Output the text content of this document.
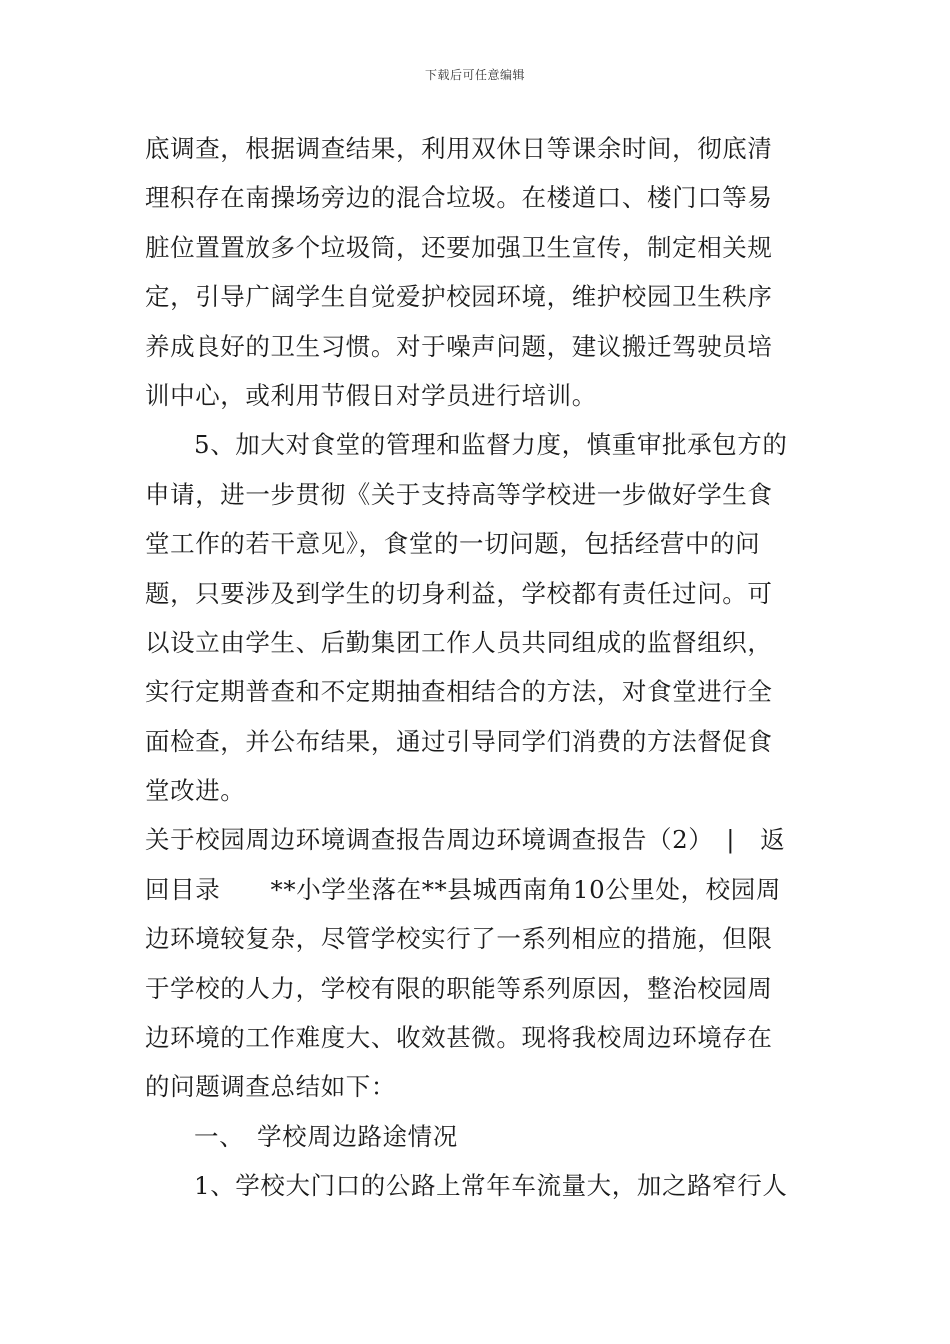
下载后可任意编辑
底调查，根据调查结果，利用双休日等课余时间，彻底清
理积存在南操场旁边的混合垃圾。在楼道口、楼门口等易
脏位置置放多个垃圾筒，还要加强卫生宣传，制定相关规
定，引导广阔学生自觉爱护校园环境，维护校园卫生秩序
养成良好的卫生习惯。对于噪声问题，建议搬迁驾驶员培
训中心，或利用节假日对学员进行培训。
5、加大对食堂的管理和监督力度，慎重审批承包方的
申请，进一步贯彻《关于支持高等学校进一步做好学生食
堂工作的若干意见》，食堂的一切问题，包括经营中的问
题，只要涉及到学生的切身利益，学校都有责任过问。可
以设立由学生、后勤集团工作人员共同组成的监督组织，
实行定期普查和不定期抽查相结合的方法，对食堂进行全
面检查，并公布结果，通过引导同学们消费的方法督促食
堂改进。
关于校园周边环境调查报告周边环境调查报告（2）　|　返
回目录　　**小学坐落在**县城西南角10公里处，校园周
边环境较复杂，尽管学校实行了一系列相应的措施，但限
于学校的人力，学校有限的职能等系列原因，整治校园周
边环境的工作难度大、收效甚微。现将我校周边环境存在
的问题调查总结如下：
一、　学校周边路途情况
1、学校大门口的公路上常年车流量大，加之路窄行人
